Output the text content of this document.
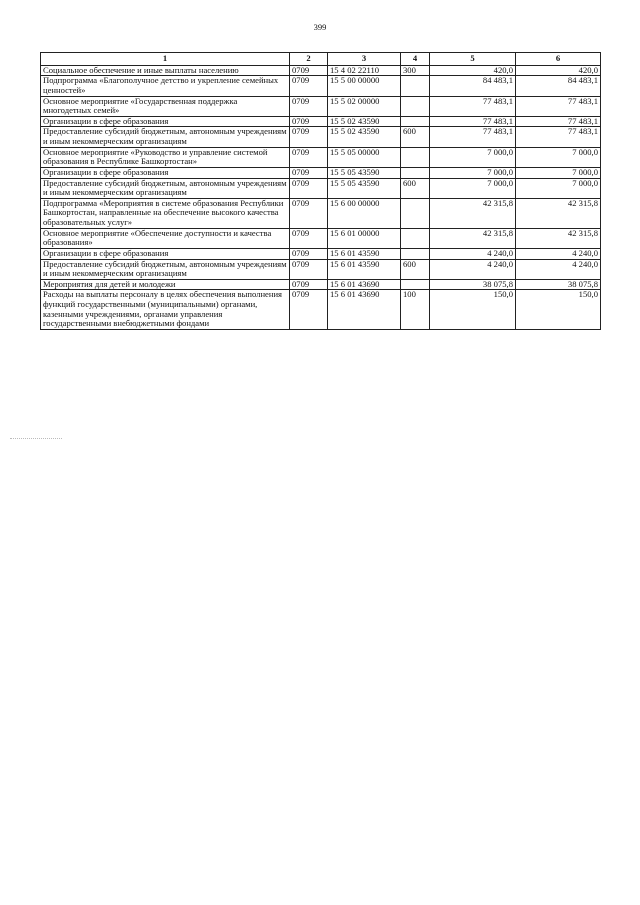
399
1	2	3	4	5	6
Социальное обеспечение и иные выплаты населению	0709	15 4 02 22110	300	420,0	420,0
Подпрограмма «Благополучное детство и укрепление семейных ценностей»	0709	15 5 00 00000		84 483,1	84 483,1
Основное мероприятие «Государственная поддержка многодетных семей»	0709	15 5 02 00000		77 483,1	77 483,1
Организации в сфере образования	0709	15 5 02 43590		77 483,1	77 483,1
Предоставление субсидий бюджетным, автономным учреждениям и иным некоммерческим организациям	0709	15 5 02 43590	600	77 483,1	77 483,1
Основное мероприятие «Руководство и управление системой образования в Республике Башкортостан»	0709	15 5 05 00000		7 000,0	7 000,0
Организации в сфере образования	0709	15 5 05 43590		7 000,0	7 000,0
Предоставление субсидий бюджетным, автономным учреждениям и иным некоммерческим организациям	0709	15 5 05 43590	600	7 000,0	7 000,0
Подпрограмма «Мероприятия в системе образования Республики Башкортостан, направленные на обеспечение высокого качества образовательных услуг»	0709	15 6 00 00000		42 315,8	42 315,8
Основное мероприятие «Обеспечение доступности и качества образования»	0709	15 6 01 00000		42 315,8	42 315,8
Организации в сфере образования	0709	15 6 01 43590		4 240,0	4 240,0
Предоставление субсидий бюджетным, автономным учреждениям и иным некоммерческим организациям	0709	15 6 01 43590	600	4 240,0	4 240,0
Мероприятия для детей и молодежи	0709	15 6 01 43690		38 075,8	38 075,8
Расходы на выплаты персоналу в целях обеспечения выполнения функций государственными (муниципальными) органами, казенными учреждениями, органами управления государственными внебюджетными фондами	0709	15 6 01 43690	100	150,0	150,0
